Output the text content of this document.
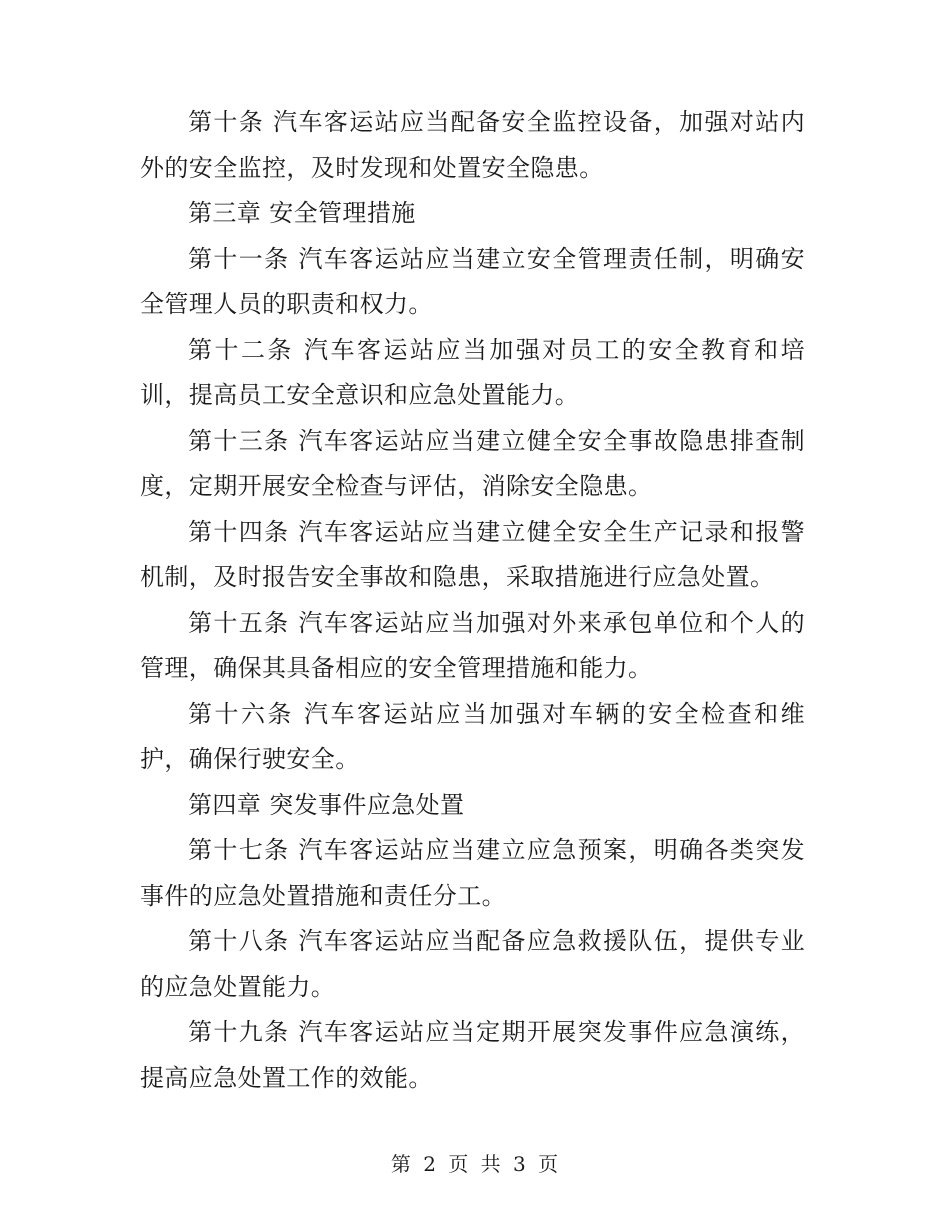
第十条 汽车客运站应当配备安全监控设备，加强对站内外的安全监控，及时发现和处置安全隐患。

第三章 安全管理措施

第十一条 汽车客运站应当建立安全管理责任制，明确安全管理人员的职责和权力。

第十二条 汽车客运站应当加强对员工的安全教育和培训，提高员工安全意识和应急处置能力。

第十三条 汽车客运站应当建立健全安全事故隐患排查制度，定期开展安全检查与评估，消除安全隐患。

第十四条 汽车客运站应当建立健全安全生产记录和报警机制，及时报告安全事故和隐患，采取措施进行应急处置。

第十五条 汽车客运站应当加强对外来承包单位和个人的管理，确保其具备相应的安全管理措施和能力。

第十六条 汽车客运站应当加强对车辆的安全检查和维护，确保行驶安全。

第四章 突发事件应急处置

第十七条 汽车客运站应当建立应急预案，明确各类突发事件的应急处置措施和责任分工。

第十八条 汽车客运站应当配备应急救援队伍，提供专业的应急处置能力。

第十九条 汽车客运站应当定期开展突发事件应急演练，提高应急处置工作的效能。

第 2 页 共 3 页
